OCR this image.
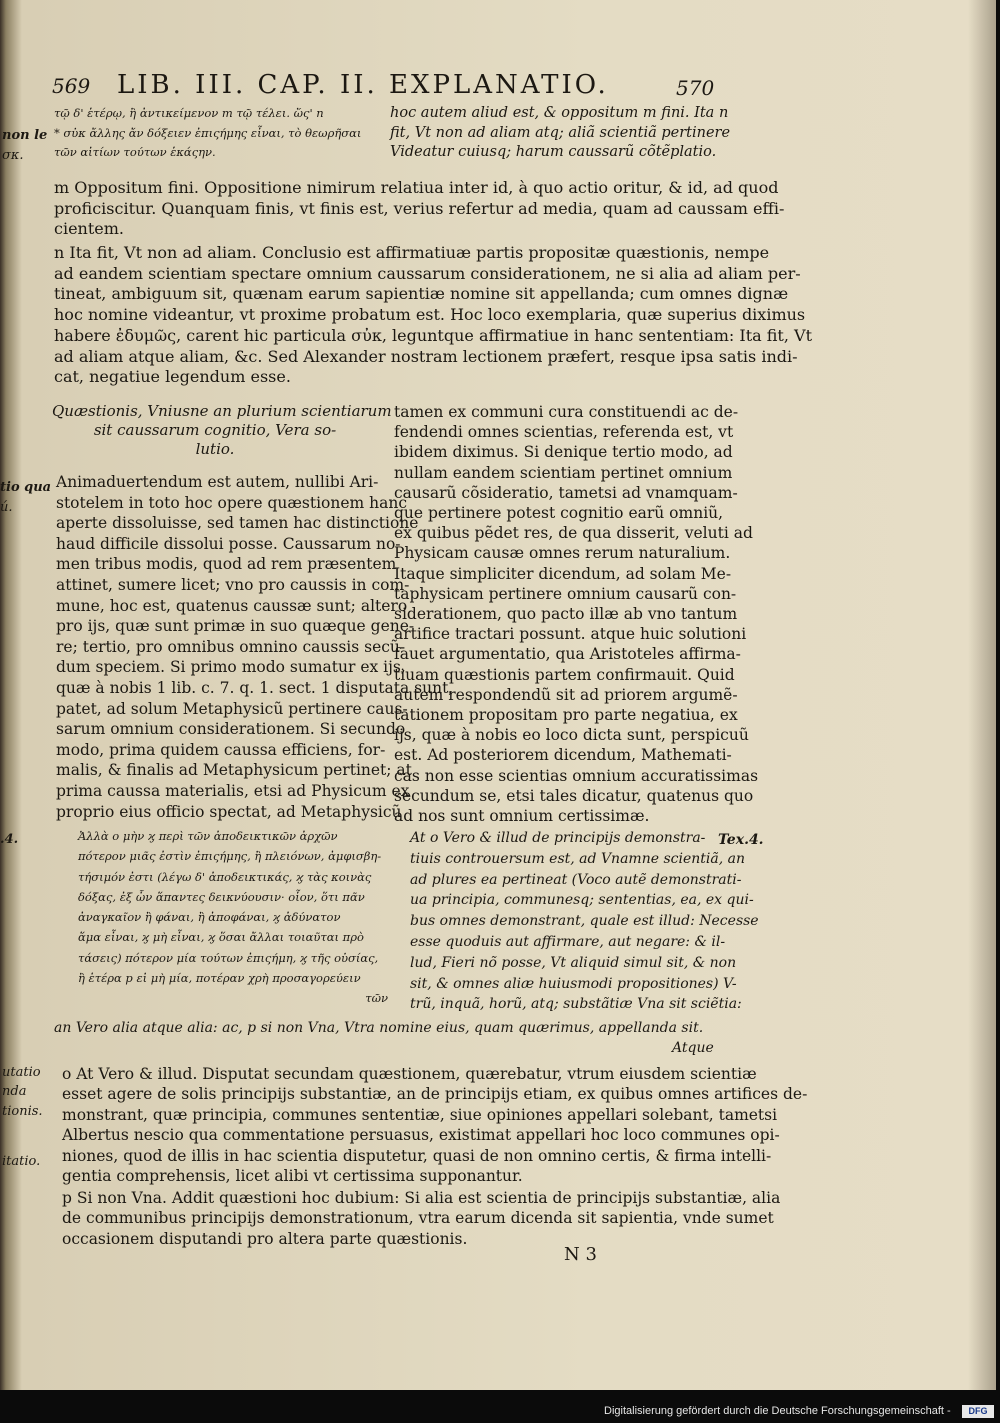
569 LIB. III. CAP. II. EXPLANATIO.	570
non le
σκ.
tio qua
ú.
.4.
utatio
nda
tionis.
itatio.
Tex.4.
τῷ δ' ἑτέρῳ, ἢ ἀντικείμενον m τῷ τέλει. ὥς' n
* σὐκ ἄλλης ἄν δόξειεν ἐπιςήμης εἶναι, τὸ θεωρῆσαι
τῶν αἰτίων τούτων ἑκάςην.
hoc autem aliud est, & oppositum m fini. Ita n
fit, Vt non ad aliam atq; aliã scientiã pertinere
Videatur cuiusq; harum caussarũ cõtẽplatio.
m Oppositum fini. Oppositione nimirum relatiua inter id, à quo actio oritur, & id, ad quod
proficiscitur. Quanquam finis, vt finis est, verius refertur ad media, quam ad caussam effi-
cientem.
n Ita fit, Vt non ad aliam. Conclusio est affirmatiuæ partis propositæ quæstionis, nempe
ad eandem scientiam spectare omnium caussarum considerationem, ne si alia ad aliam per-
tineat, ambiguum sit, quænam earum sapientiæ nomine sit appellanda; cum omnes dignæ
hoc nomine videantur, vt proxime probatum est. Hoc loco exemplaria, quæ superius diximus
habere ἐδυμῶς, carent hic particula σὐκ, leguntque affirmatiue in hanc sententiam: Ita fit, Vt
ad aliam atque aliam, &c. Sed Alexander nostram lectionem præfert, resque ipsa satis indi-
cat, negatiue legendum esse.
Quæstionis, Vniusne an plurium scientiarum
sit caussarum cognitio, Vera so-
lutio.
Animaduertendum est autem, nullibi Ari-
stotelem in toto hoc opere quæstionem hanc
aperte dissoluisse, sed tamen hac distinctione
haud difficile dissolui posse. Caussarum no-
men tribus modis, quod ad rem præsentem
attinet, sumere licet; vno pro caussis in com-
mune, hoc est, quatenus caussæ sunt; altero
pro ijs, quæ sunt primæ in suo quæque gene-
re; tertio, pro omnibus omnino caussis secũ-
dum speciem. Si primo modo sumatur ex ijs,
quæ à nobis 1 lib. c. 7. q. 1. sect. 1 disputata sunt,
patet, ad solum Metaphysicũ pertinere caus-
sarum omnium considerationem. Si secundo
modo, prima quidem caussa efficiens, for-
malis, & finalis ad Metaphysicum pertinet; at
prima caussa materialis, etsi ad Physicum ex
proprio eius officio spectat, ad Metaphysicũ
tamen ex communi cura constituendi ac de-
fendendi omnes scientias, referenda est, vt
ibidem diximus. Si denique tertio modo, ad
nullam eandem scientiam pertinet omnium
causarũ cõsideratio, tametsi ad vnamquam-
que pertinere potest cognitio earũ omniũ,
ex quibus pẽdet res, de qua disserit, veluti ad
Physicam causæ omnes rerum naturalium.
Itaque simpliciter dicendum, ad solam Me-
taphysicam pertinere omnium causarũ con-
siderationem, quo pacto illæ ab vno tantum
artifice tractari possunt. atque huic solutioni
fauet argumentatio, qua Aristoteles affirma-
tiuam quæstionis partem confirmauit. Quid
autem respondendũ sit ad priorem argumẽ-
tationem propositam pro parte negatiua, ex
ijs, quæ à nobis eo loco dicta sunt, perspicuũ
est. Ad posteriorem dicendum, Mathemati-
cas non esse scientias omnium accuratissimas
secundum se, etsi tales dicatur, quatenus quo
ad nos sunt omnium certissimæ.
Ἀλλὰ ο μὴν ϗ περὶ τῶν ἀποδεικτικῶν ἀρχῶν
πότερον μιᾶς ἐστὶν ἐπιςήμης, ἢ πλειόνων, ἀμφισβη-
τήσιμόν ἐστι (λέγω δ' ἀποδεικτικάς, ϗ τὰς κοινὰς
δόξας, ἐξ ὧν ἅπαντες δεικνύουσιν· οἷον, ὅτι πᾶν
ἀναγκαῖον ἢ φάναι, ἢ ἀποφάναι, ϗ ἀδύνατον
ἅμα εἶναι, ϗ μὴ εἶναι, ϗ ὅσαι ἄλλαι τοιαῦται πρὸ
τάσεις) πότερον μία τούτων ἐπιςήμη, ϗ τῆς οὐσίας,
ἢ ἑτέρα p εἰ μὴ μία, ποτέραν χρὴ προσαγορεύειν
τῶν
At o Vero & illud de principijs demonstra-
tiuis controuersum est, ad Vnamne scientiã, an
ad plures ea pertineat (Voco autẽ demonstrati-
ua principia, communesq; sententias, ea, ex qui-
bus omnes demonstrant, quale est illud: Necesse
esse quoduis aut affirmare, aut negare: & il-
lud, Fieri nõ posse, Vt aliquid simul sit, & non
sit, & omnes aliæ huiusmodi propositiones) V-
trũ, inquã, horũ, atq; substãtiæ Vna sit sciẽtia:
an Vero alia atque alia: ac, p si non Vna, Vtra nomine eius, quam quærimus, appellanda sit.
Atque
o At Vero & illud. Disputat secundam quæstionem, quærebatur, vtrum eiusdem scientiæ
esset agere de solis principijs substantiæ, an de principijs etiam, ex quibus omnes artifices de-
monstrant, quæ principia, communes sententiæ, siue opiniones appellari solebant, tametsi
Albertus nescio qua commentatione persuasus, existimat appellari hoc loco communes opi-
niones, quod de illis in hac scientia disputetur, quasi de non omnino certis, & firma intelli-
gentia comprehensis, licet alibi vt certissima supponantur.
p Si non Vna. Addit quæstioni hoc dubium: Si alia est scientia de principijs substantiæ, alia
de communibus principijs demonstrationum, vtra earum dicenda sit sapientia, vnde sumet
occasionem disputandi pro altera parte quæstionis.
N 3
Digitalisierung gefördert durch die Deutsche Forschungsgemeinschaft -	DFG
